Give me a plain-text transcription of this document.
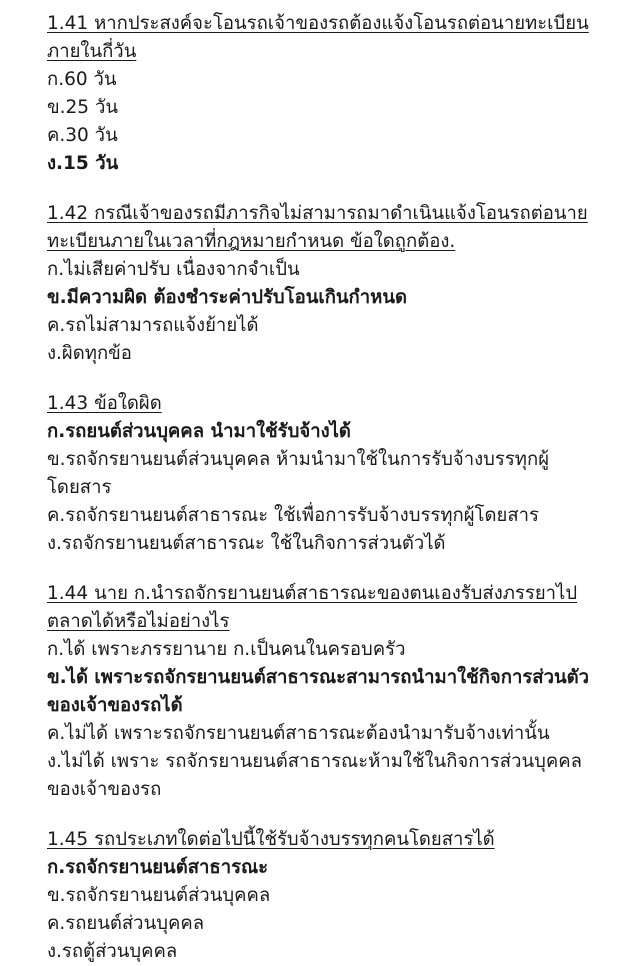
1.41 หากประสงค์จะโอนรถเจ้าของรถต้องแจ้งโอนรถต่อนายทะเบียนภายในกี่วัน

ก.60 วัน

ข.25 วัน

ค.30 วัน

ง.15 วัน

1.42 กรณีเจ้าของรถมีภารกิจไม่สามารถมาดำเนินแจ้งโอนรถต่อนายทะเบียนภายในเวลาที่กฎหมายกำหนด ข้อใดถูกต้อง.

ก.ไม่เสียค่าปรับ เนื่องจากจำเป็น

ข.มีความผิด ต้องชำระค่าปรับโอนเกินกำหนด

ค.รถไม่สามารถแจ้งย้ายได้

ง.ผิดทุกข้อ

1.43 ข้อใดผิด

ก.รถยนต์ส่วนบุคคล นำมาใช้รับจ้างได้

ข.รถจักรยานยนต์ส่วนบุคคล ห้ามนำมาใช้ในการรับจ้างบรรทุกผู้โดยสาร

ค.รถจักรยานยนต์สาธารณะ ใช้เพื่อการรับจ้างบรรทุกผู้โดยสาร

ง.รถจักรยานยนต์สาธารณะ ใช้ในกิจการส่วนตัวได้

1.44 นาย ก.นำรถจักรยานยนต์สาธารณะของตนเองรับส่งภรรยาไปตลาดได้หรือไม่อย่างไร

ก.ได้ เพราะภรรยานาย ก.เป็นคนในครอบครัว

ข.ได้ เพราะรถจักรยานยนต์สาธารณะสามารถนำมาใช้กิจการส่วนตัวของเจ้าของรถได้

ค.ไม่ได้ เพราะรถจักรยานยนต์สาธารณะต้องนำมารับจ้างเท่านั้น

ง.ไม่ได้ เพราะ รถจักรยานยนต์สาธารณะห้ามใช้ในกิจการส่วนบุคคลของเจ้าของรถ

1.45 รถประเภทใดต่อไปนี้ใช้รับจ้างบรรทุกคนโดยสารได้

ก.รถจักรยานยนต์สาธารณะ

ข.รถจักรยานยนต์ส่วนบุคคล

ค.รถยนต์ส่วนบุคคล

ง.รถตู้ส่วนบุคคล
